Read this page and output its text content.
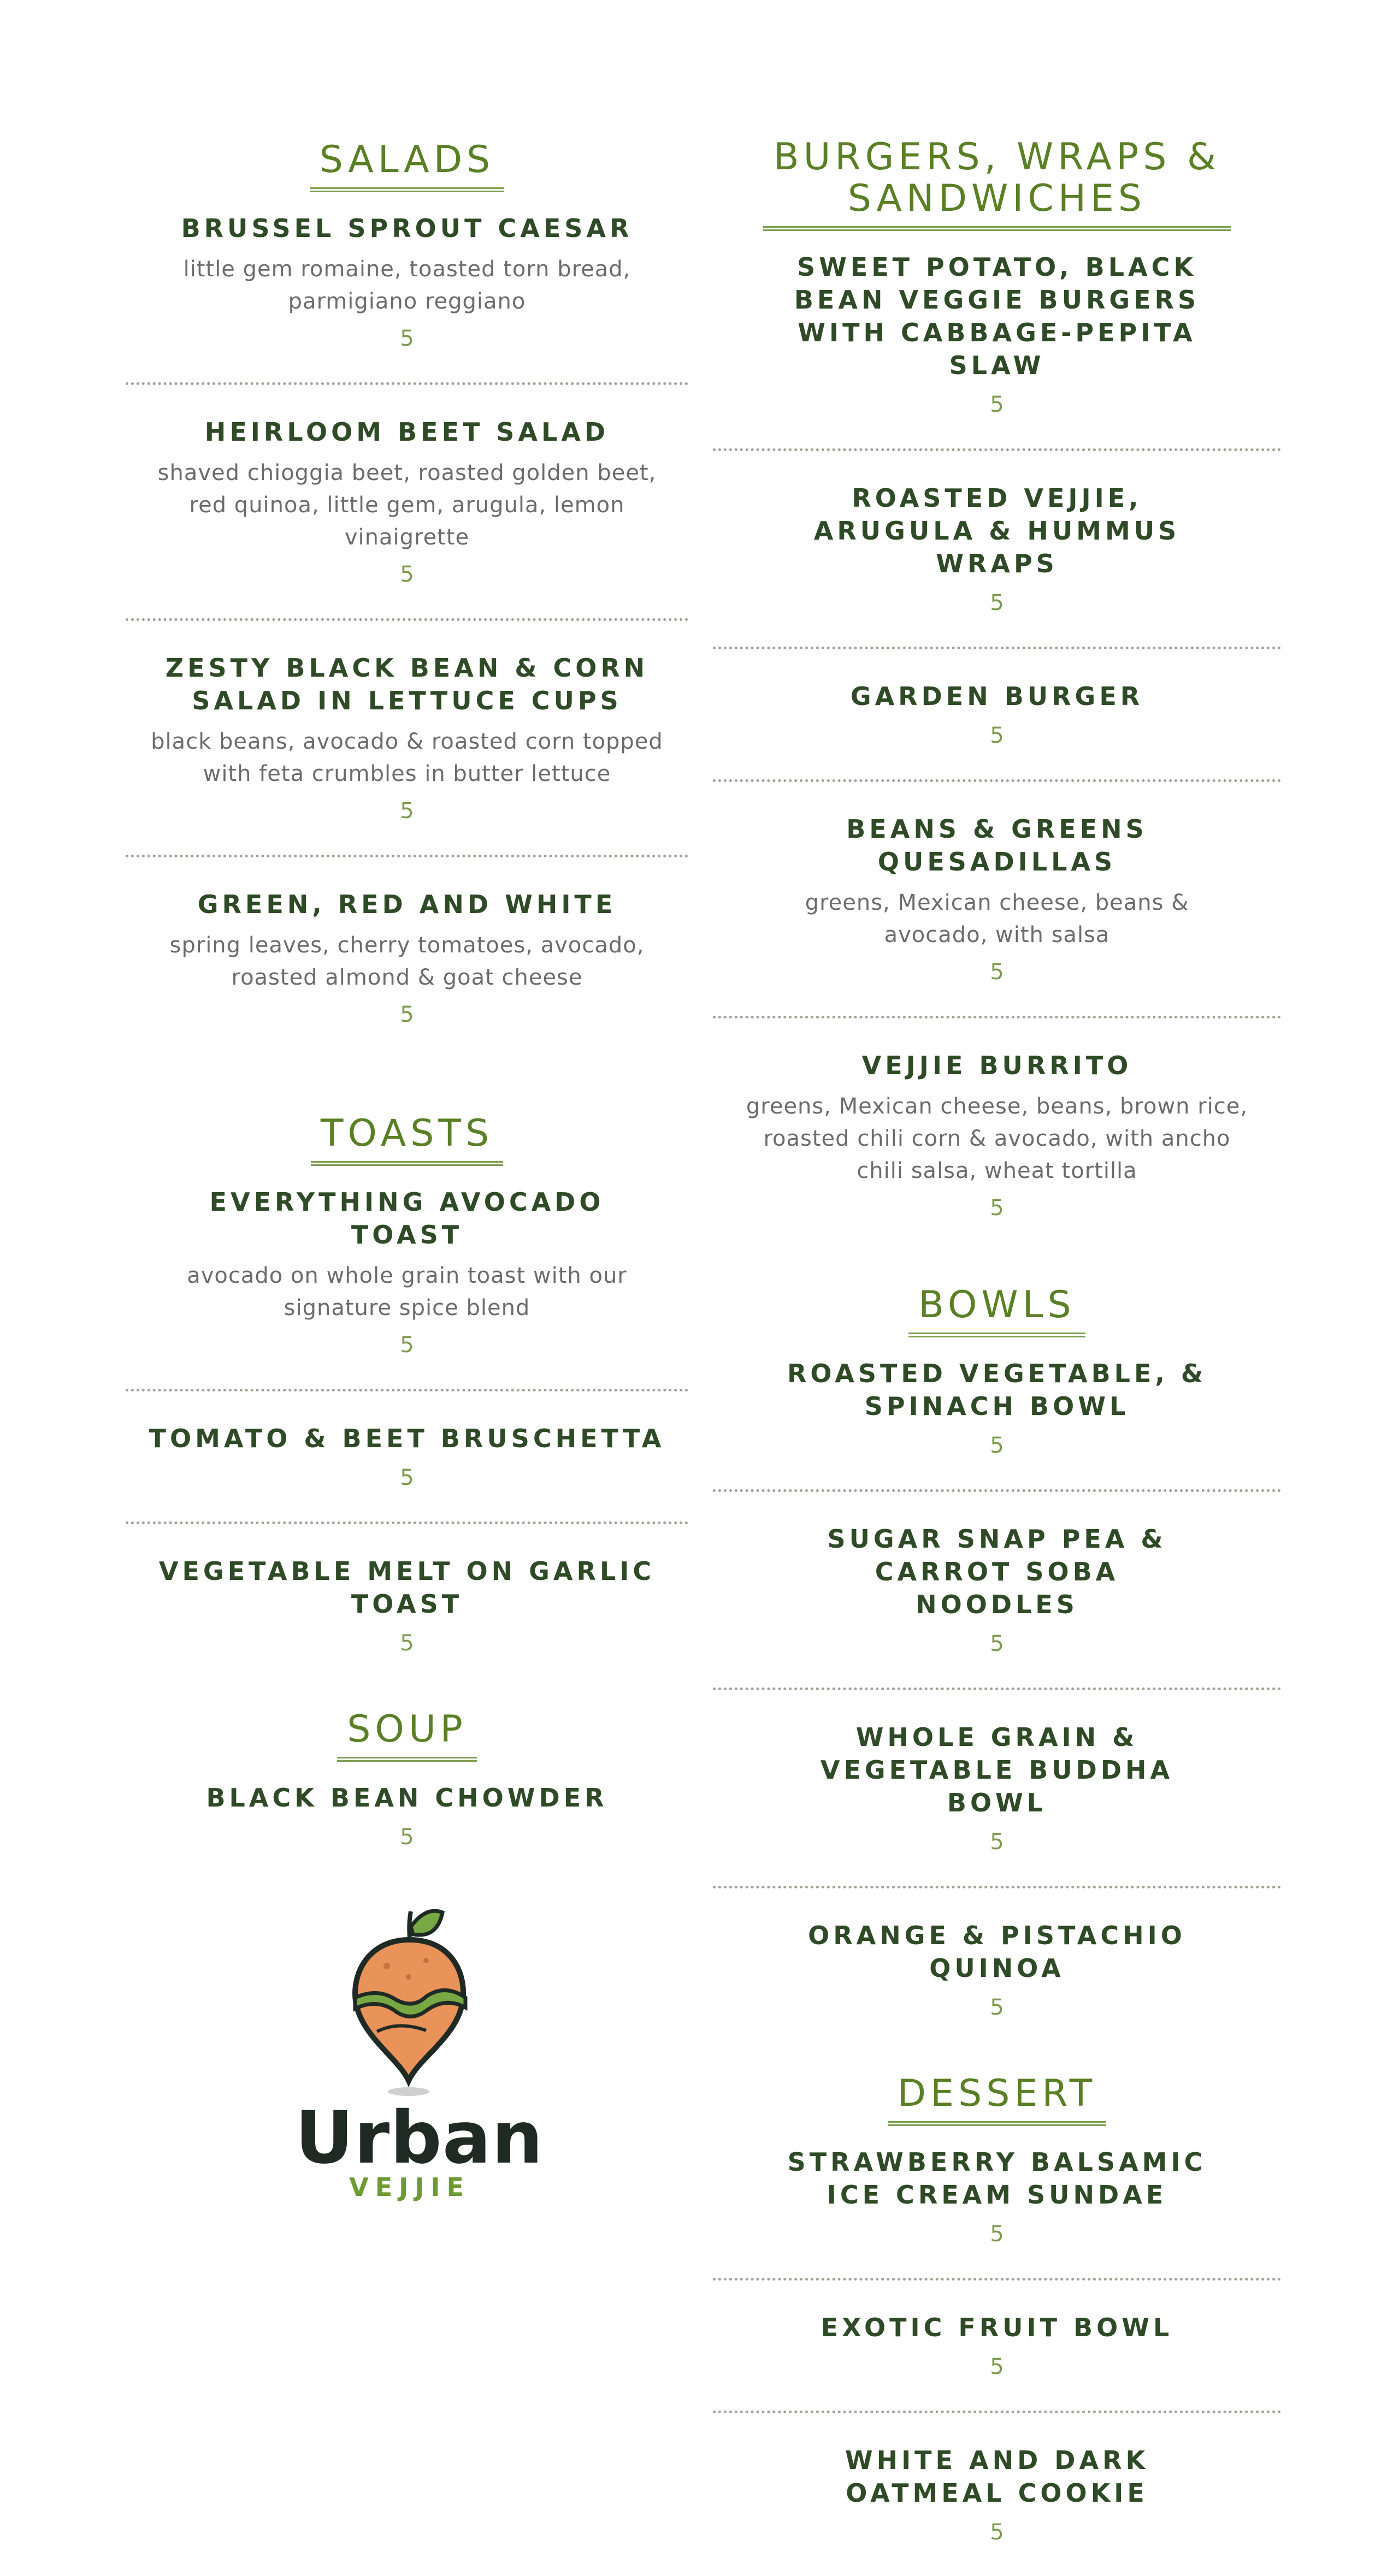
SALADS
BRUSSEL SPROUT CAESAR
little gem romaine, toasted torn bread, parmigiano reggiano
5
HEIRLOOM BEET SALAD
shaved chioggia beet, roasted golden beet, red quinoa, little gem, arugula, lemon vinaigrette
5
ZESTY BLACK BEAN & CORN SALAD IN LETTUCE CUPS
black beans, avocado & roasted corn topped with feta crumbles in butter lettuce
5
GREEN, RED AND WHITE
spring leaves, cherry tomatoes, avocado, roasted almond & goat cheese
5
TOASTS
EVERYTHING AVOCADO TOAST
avocado on whole grain toast with our signature spice blend
5
TOMATO & BEET BRUSCHETTA
5
VEGETABLE MELT ON GARLIC TOAST
5
SOUP
BLACK BEAN CHOWDER
5
Urban
VEJJIE
BURGERS, WRAPS & SANDWICHES
SWEET POTATO, BLACK BEAN VEGGIE BURGERS WITH CABBAGE-PEPITA SLAW
5
ROASTED VEJJIE, ARUGULA & HUMMUS WRAPS
5
GARDEN BURGER
5
BEANS & GREENS QUESADILLAS
greens, Mexican cheese, beans & avocado, with salsa
5
VEJJIE BURRITO
greens, Mexican cheese, beans, brown rice, roasted chili corn & avocado, with ancho chili salsa, wheat tortilla
5
BOWLS
ROASTED VEGETABLE, & SPINACH BOWL
5
SUGAR SNAP PEA & CARROT SOBA NOODLES
5
WHOLE GRAIN & VEGETABLE BUDDHA BOWL
5
ORANGE & PISTACHIO QUINOA
5
DESSERT
STRAWBERRY BALSAMIC ICE CREAM SUNDAE
5
EXOTIC FRUIT BOWL
5
WHITE AND DARK OATMEAL COOKIE
5
